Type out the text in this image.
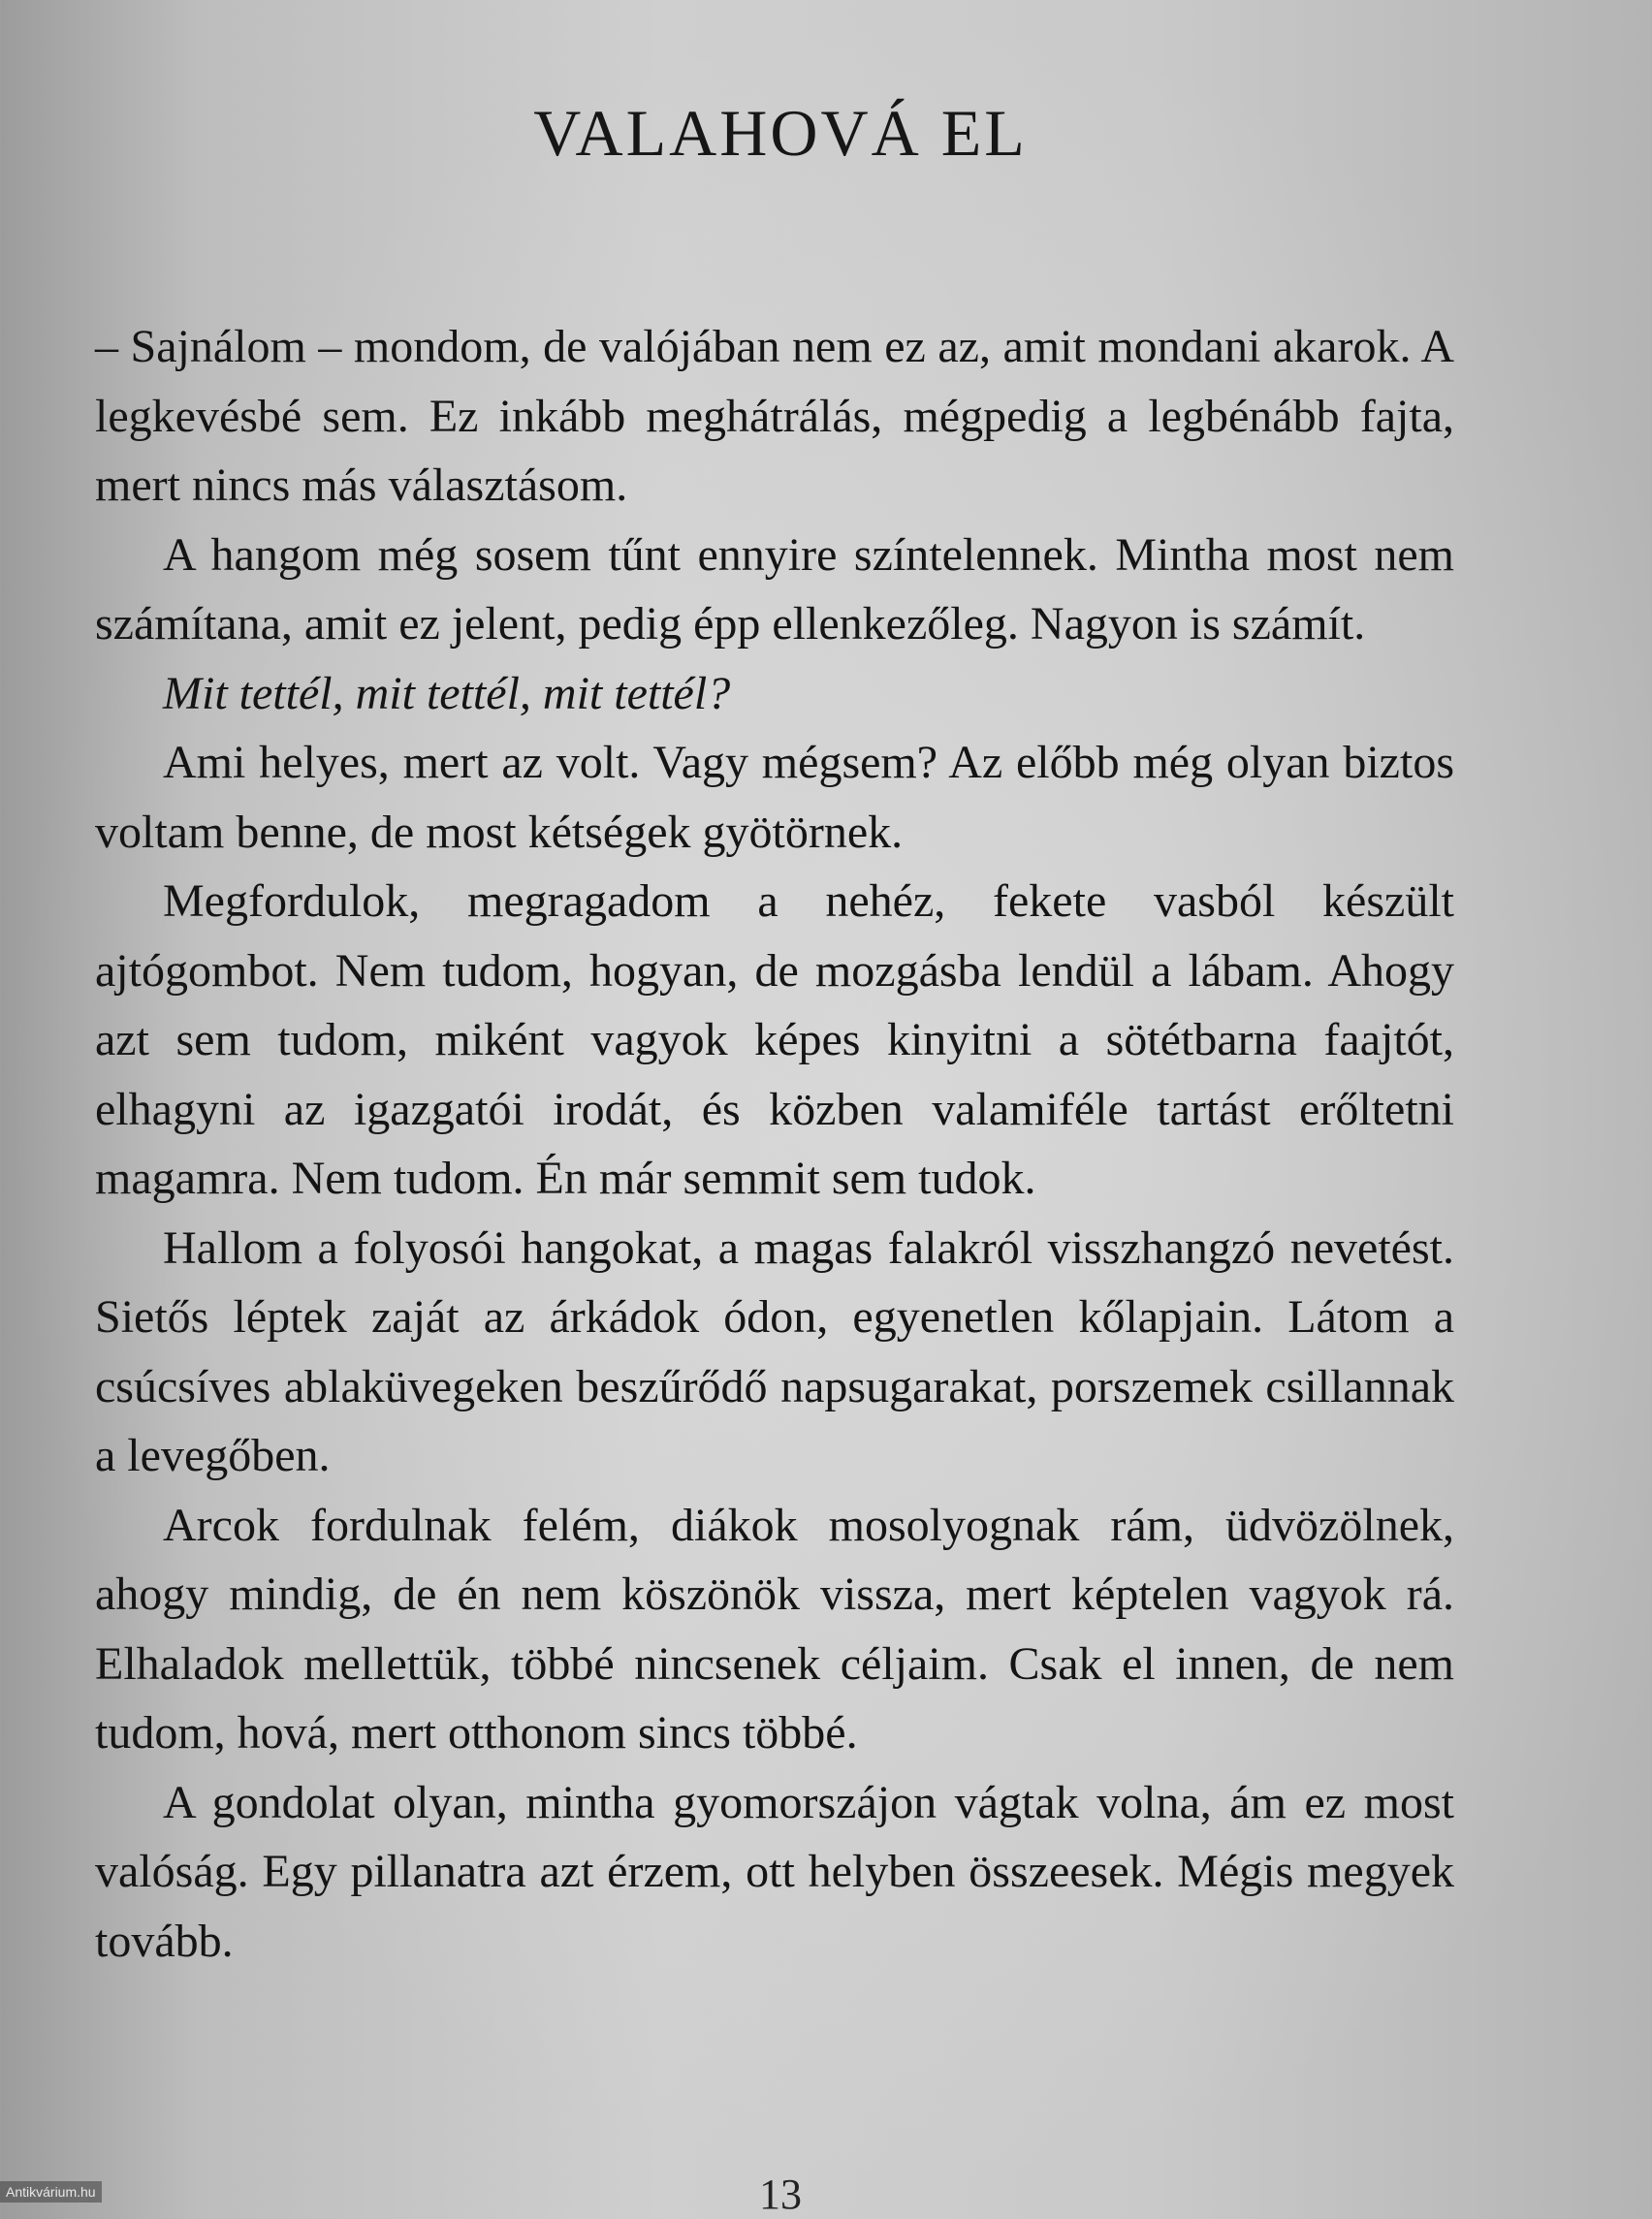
VALAHOVÁ EL

– Sajnálom – mondom, de valójában nem ez az, amit mondani akarok. A legkevésbé sem. Ez inkább meghátrálás, mégpedig a legbénább fajta, mert nincs más választásom.

A hangom még sosem tűnt ennyire színtelennek. Mintha most nem számítana, amit ez jelent, pedig épp ellenkezőleg. Nagyon is számít.

Mit tettél, mit tettél, mit tettél?

Ami helyes, mert az volt. Vagy mégsem? Az előbb még olyan biztos voltam benne, de most kétségek gyötörnek.

Megfordulok, megragadom a nehéz, fekete vasból készült ajtógombot. Nem tudom, hogyan, de mozgásba lendül a lábam. Ahogy azt sem tudom, miként vagyok képes kinyitni a sötétbarna faajtót, elhagyni az igazgatói irodát, és közben valamiféle tartást erőltetni magamra. Nem tudom. Én már semmit sem tudok.

Hallom a folyosói hangokat, a magas falakról visszhangzó nevetést. Sietős léptek zaját az árkádok ódon, egyenetlen kőlapjain. Látom a csúcsíves ablaküvegeken beszűrődő napsugarakat, porszemek csillannak a levegőben.

Arcok fordulnak felém, diákok mosolyognak rám, üdvözölnek, ahogy mindig, de én nem köszönök vissza, mert képtelen vagyok rá. Elhaladok mellettük, többé nincsenek céljaim. Csak el innen, de nem tudom, hová, mert otthonom sincs többé.

A gondolat olyan, mintha gyomorszájon vágtak volna, ám ez most valóság. Egy pillanatra azt érzem, ott helyben összeesek. Mégis megyek tovább.

13
Antikvárium.hu
